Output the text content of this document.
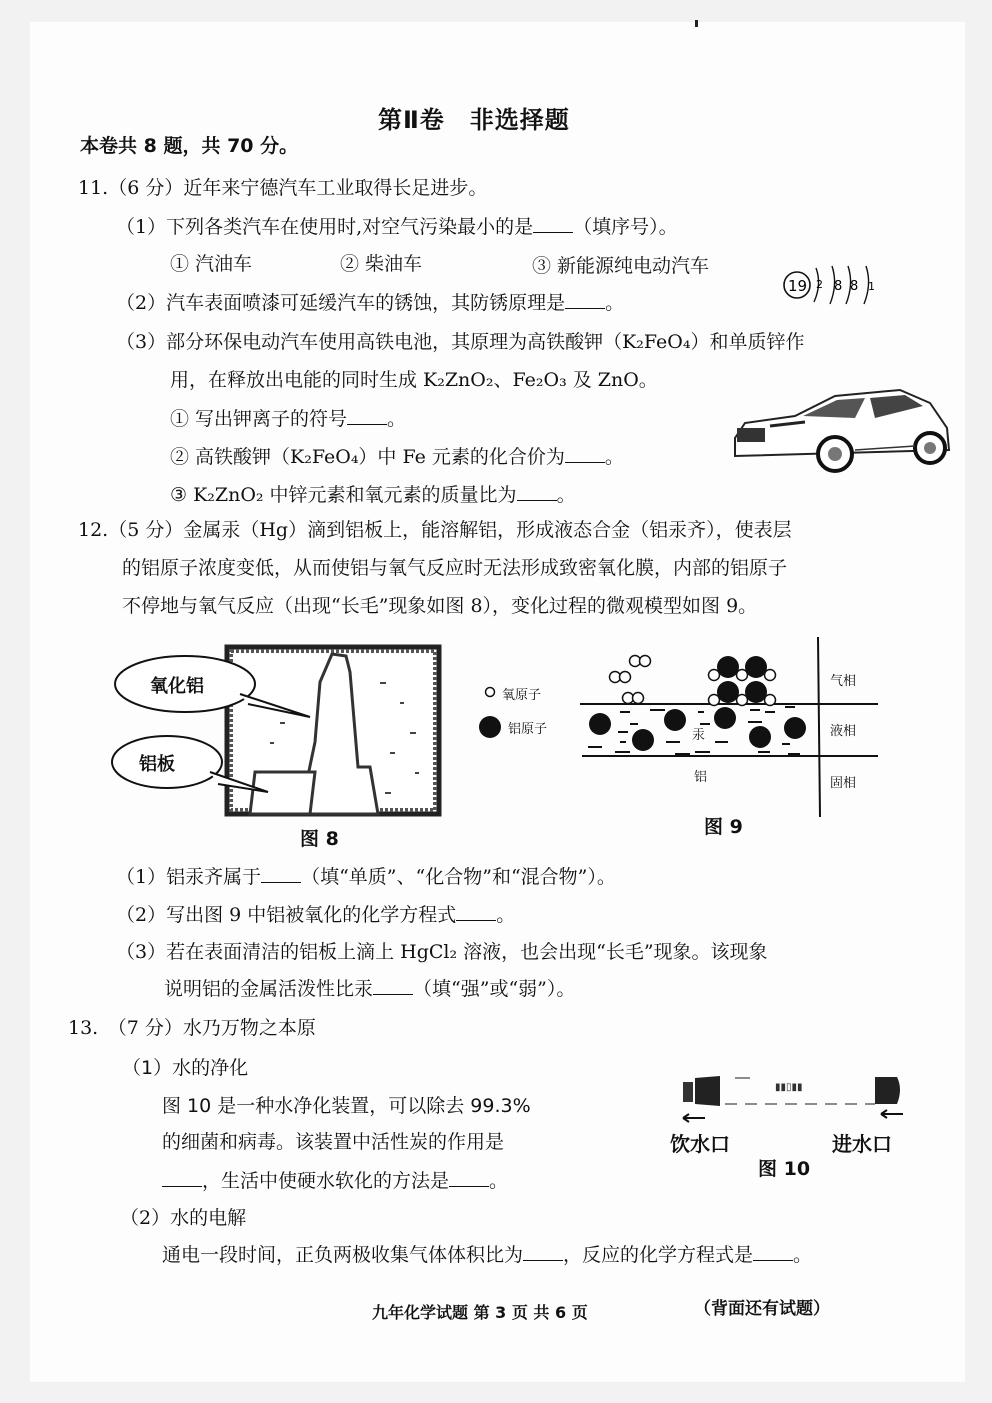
第Ⅱ卷　非选择题
本卷共 8 题，共 70 分。
11.（6 分）近年来宁德汽车工业取得长足进步。
（1）下列各类汽车在使用时,对空气污染最小的是 （填序号）。
① 汽油车	② 柴油车	③ 新能源纯电动汽车
19 2 8 8 1
（2）汽车表面喷漆可延缓汽车的锈蚀，其防锈原理是 。
（3）部分环保电动汽车使用高铁电池，其原理为高铁酸钾（K₂FeO₄）和单质锌作
用，在释放出电能的同时生成 K₂ZnO₂、Fe₂O₃ 及 ZnO。
① 写出钾离子的符号 。
② 高铁酸钾（K₂FeO₄）中 Fe 元素的化合价为 。
③ K₂ZnO₂ 中锌元素和氧元素的质量比为 。
12.（5 分）金属汞（Hg）滴到铝板上，能溶解铝，形成液态合金（铝汞齐），使表层
的铝原子浓度变低，从而使铝与氧气反应时无法形成致密氧化膜，内部的铝原子
不停地与氧气反应（出现“长毛”现象如图 8），变化过程的微观模型如图 9。
氧化铝
铝板
图 8
氧原子
铝原子	汞
铝
气相
液相
固相
图 9
（1）铝汞齐属于 （填“单质”、“化合物”和“混合物”）。
（2）写出图 9 中铝被氧化的化学方程式 。
（3）若在表面清洁的铝板上滴上 HgCl₂ 溶液，也会出现“长毛”现象。该现象
说明铝的金属活泼性比汞 （填“强”或“弱”）。
13.　（7 分）水乃万物之本原
（1）水的净化
图 10 是一种水净化装置，可以除去 99.3%
的细菌和病毒。该装置中活性炭的作用是
，生活中使硬水软化的方法是 。
▮▮▯▮▮
饮水口	进水口
图 10
（2）水的电解
通电一段时间，正负两极收集气体体积比为 ，反应的化学方程式是 。
九年化学试题 第 3 页 共 6 页	（背面还有试题）
